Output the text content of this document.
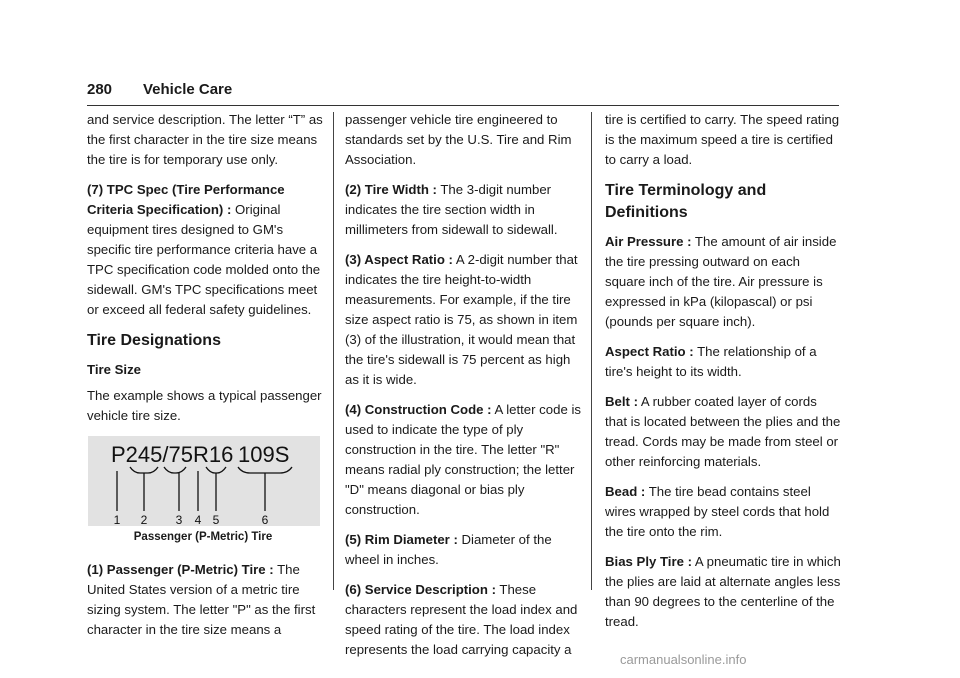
280 Vehicle Care

and service description. The letter “T” as the first character in the tire size means the tire is for temporary use only.

(7) TPC Spec (Tire Performance Criteria Specification) : Original equipment tires designed to GM's specific tire performance criteria have a TPC specification code molded onto the sidewall. GM's TPC specifications meet or exceed all federal safety guidelines.

Tire Designations
Tire Size

The example shows a typical passenger vehicle tire size.

P245/75R16 109S
1 2 3 4 5	6
Passenger (P-Metric) Tire

(1) Passenger (P-Metric) Tire : The United States version of a metric tire sizing system. The letter "P" as the first character in the tire size means a

passenger vehicle tire engineered to standards set by the U.S. Tire and Rim Association.

(2) Tire Width : The 3-digit number indicates the tire section width in millimeters from sidewall to sidewall.

(3) Aspect Ratio : A 2-digit number that indicates the tire height-to-width measurements. For example, if the tire size aspect ratio is 75, as shown in item (3) of the illustration, it would mean that the tire's sidewall is 75 percent as high as it is wide.

(4) Construction Code : A letter code is used to indicate the type of ply construction in the tire. The letter "R" means radial ply construction; the letter "D" means diagonal or bias ply construction.

(5) Rim Diameter : Diameter of the wheel in inches.

(6) Service Description : These characters represent the load index and speed rating of the tire. The load index represents the load carrying capacity a

tire is certified to carry. The speed rating is the maximum speed a tire is certified to carry a load.

Tire Terminology and Definitions

Air Pressure : The amount of air inside the tire pressing outward on each square inch of the tire. Air pressure is expressed in kPa (kilopascal) or psi (pounds per square inch).

Aspect Ratio : The relationship of a tire's height to its width.

Belt : A rubber coated layer of cords that is located between the plies and the tread. Cords may be made from steel or other reinforcing materials.

Bead : The tire bead contains steel wires wrapped by steel cords that hold the tire onto the rim.

Bias Ply Tire : A pneumatic tire in which the plies are laid at alternate angles less than 90 degrees to the centerline of the tread.

carmanualsonline.info
